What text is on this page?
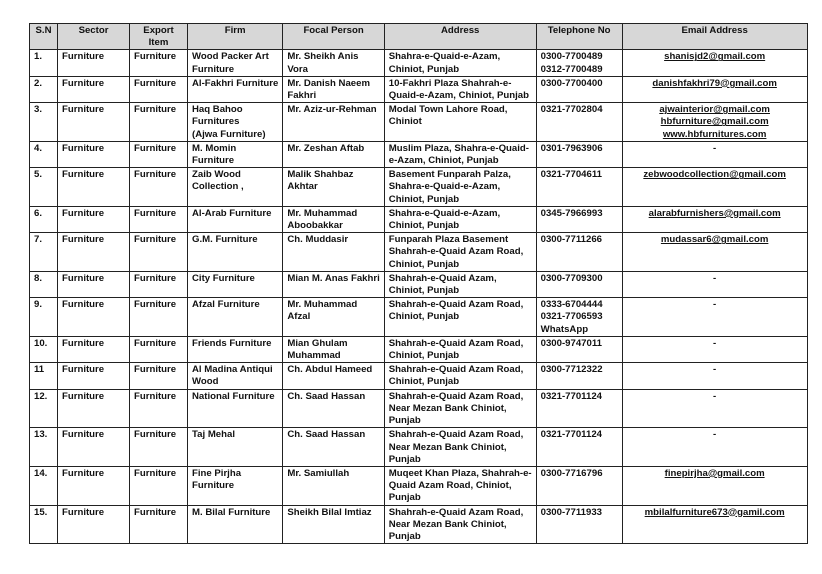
S.N	Sector	Export Item	Firm	Focal Person	Address	Telephone No	Email Address
1.	Furniture	Furniture	Wood Packer Art
Furniture	Mr. Sheikh Anis
Vora	Shahra-e-Quaid-e-Azam,
Chiniot, Punjab	0300-7700489
0312-7700489	shanisjd2@gmail.com

2.	Furniture	Furniture	Al-Fakhri Furniture	Mr. Danish Naeem
Fakhri	10-Fakhri Plaza Shahrah-e-
Quaid-e-Azam, Chiniot, Punjab	0300-7700400	danishfakhri79@gmail.com

3.	Furniture	Furniture	Haq Bahoo
Furnitures
(Ajwa Furniture)	Mr. Aziz-ur-Rehman	Modal Town Lahore Road,
Chiniot	0321-7702804	ajwainterior@gmail.com
hbfurniture@gmail.com
www.hbfurnitures.com

4.	Furniture	Furniture	M. Momin
Furniture	Mr. Zeshan Aftab	Muslim Plaza, Shahra-e-Quaid-
e-Azam, Chiniot, Punjab	0301-7963906	-

5.	Furniture	Furniture	Zaib Wood
Collection ,	Malik Shahbaz
Akhtar	Basement Funparah Palza,
Shahra-e-Quaid-e-Azam,
Chiniot, Punjab	0321-7704611	zebwoodcollection@gmail.com

6.	Furniture	Furniture	Al-Arab Furniture	Mr. Muhammad
Aboobakkar	Shahra-e-Quaid-e-Azam,
Chiniot, Punjab	0345-7966993	alarabfurnishers@gmail.com

7.	Furniture	Furniture	G.M. Furniture	Ch. Muddasir	Funparah Plaza Basement
Shahrah-e-Quaid Azam Road,
Chiniot, Punjab	0300-7711266	mudassar6@gmail.com

8.	Furniture	Furniture	City Furniture	Mian M. Anas Fakhri	Shahrah-e-Quaid Azam,
Chiniot, Punjab	0300-7709300	-

9.	Furniture	Furniture	Afzal Furniture	Mr. Muhammad
Afzal	Shahrah-e-Quaid Azam Road,
Chiniot, Punjab	0333-6704444
0321-7706593
WhatsApp	-

10.	Furniture	Furniture	Friends Furniture	Mian Ghulam
Muhammad	Shahrah-e-Quaid Azam Road,
Chiniot, Punjab	0300-9747011	-

11	Furniture	Furniture	Al Madina Antiqui
Wood	Ch. Abdul Hameed	Shahrah-e-Quaid Azam Road,
Chiniot, Punjab	0300-7712322	-

12.	Furniture	Furniture	National Furniture	Ch. Saad Hassan	Shahrah-e-Quaid Azam Road,
Near Mezan Bank Chiniot,
Punjab	0321-7701124	-

13.	Furniture	Furniture	Taj Mehal	Ch. Saad Hassan	Shahrah-e-Quaid Azam Road,
Near Mezan Bank Chiniot,
Punjab	0321-7701124	-

14.	Furniture	Furniture	Fine Pirjha
Furniture	Mr. Samiullah	Muqeet Khan Plaza, Shahrah-e-
Quaid Azam Road, Chiniot,
Punjab	0300-7716796	finepirjha@gmail.com

15.	Furniture	Furniture	M. Bilal Furniture	Sheikh Bilal Imtiaz	Shahrah-e-Quaid Azam Road,
Near Mezan Bank Chiniot,
Punjab	0300-7711933	mbilalfurniture673@gamil.com
